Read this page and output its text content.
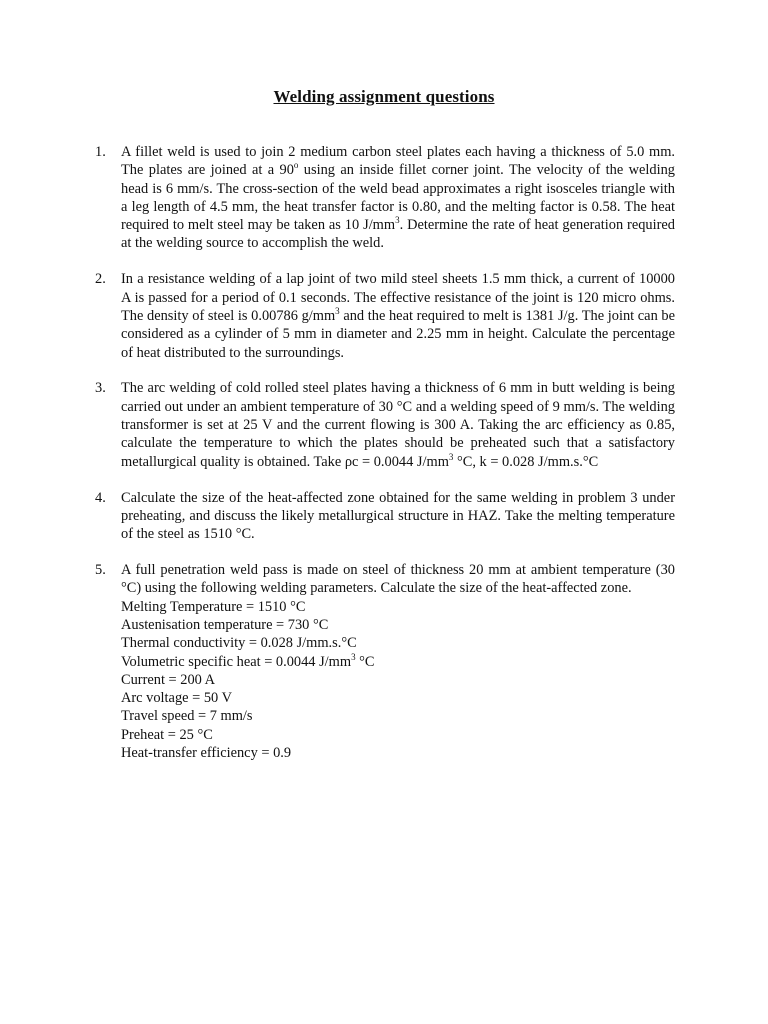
Welding assignment questions
1. A fillet weld is used to join 2 medium carbon steel plates each having a thickness of 5.0 mm. The plates are joined at a 90$^o$ using an inside fillet corner joint. The velocity of the welding head is 6 mm/s. The cross-section of the weld bead approximates a right isosceles triangle with a leg length of 4.5 mm, the heat transfer factor is 0.80, and the melting factor is 0.58. The heat required to melt steel may be taken as 10 $J/mm^3$. Determine the rate of heat generation required at the welding source to accomplish the weld.
2. In a resistance welding of a lap joint of two mild steel sheets 1.5 mm thick, a current of 10000 A is passed for a period of 0.1 seconds. The effective resistance of the joint is 120 micro ohms. The density of steel is 0.00786 $g/mm^3$ and the heat required to melt is 1381 J/g. The joint can be considered as a cylinder of 5 mm in diameter and 2.25 mm in height. Calculate the percentage of heat distributed to the surroundings.
3. The arc welding of cold rolled steel plates having a thickness of 6 mm in butt welding is being carried out under an ambient temperature of 30 °C and a welding speed of 9 mm/s. The welding transformer is set at 25 V and the current flowing is 300 A. Taking the arc efficiency as 0.85, calculate the temperature to which the plates should be preheated such that a satisfactory metallurgical quality is obtained. Take ρc = 0.0044 $J/mm^3$ °C, k = 0.028 J/mm.s.°C
4. Calculate the size of the heat-affected zone obtained for the same welding in problem 3 under preheating, and discuss the likely metallurgical structure in HAZ. Take the melting temperature of the steel as 1510 °C.
5. A full penetration weld pass is made on steel of thickness 20 mm at ambient temperature (30 °C) using the following welding parameters. Calculate the size of the heat-affected zone.
Melting Temperature = 1510 °C
Austenisation temperature = 730 °C
Thermal conductivity = 0.028 J/mm.s.°C
Volumetric specific heat = 0.0044 $J/mm^3$ °C
Current = 200 A
Arc voltage = 50 V
Travel speed = 7 mm/s
Preheat = 25 °C
Heat-transfer efficiency = 0.9
